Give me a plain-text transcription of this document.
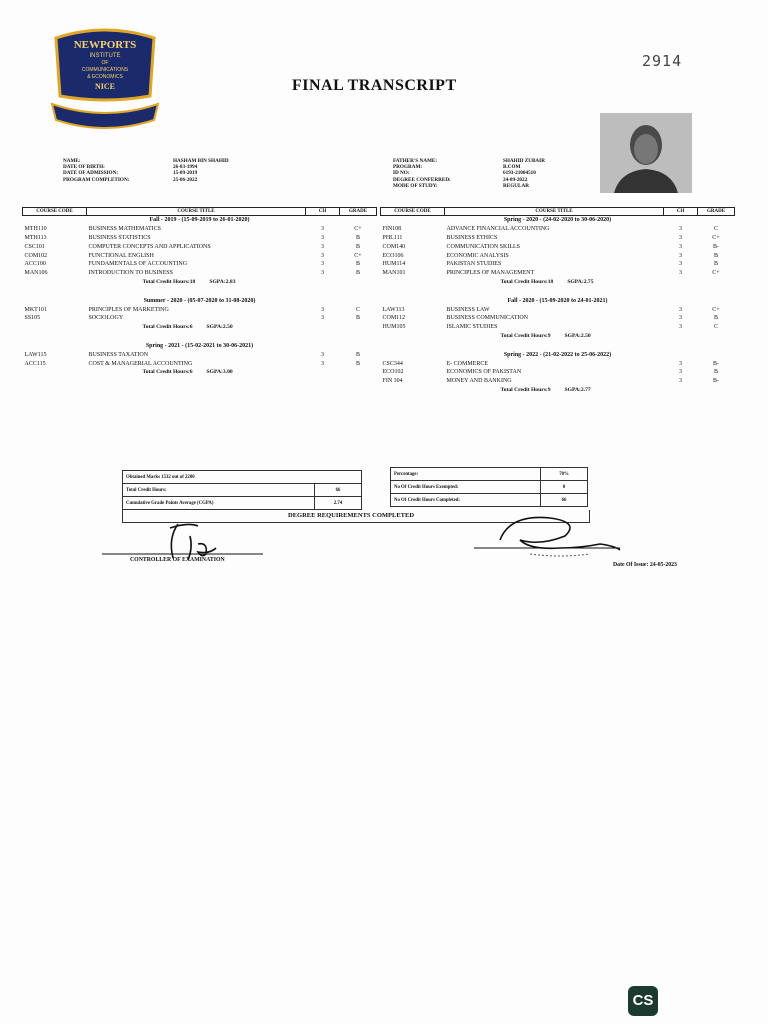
2914
NEWPORTS
INSTITUTE
OF
COMMUNICATIONS
& ECONOMICS
NICE	FINAL TRANSCRIPT
NAME:	HASHAM BIN SHAHID
DATE OF BIRTH:	26-03-1994
DATE OF ADMISSION:	15-09-2019
PROGRAM COMPLETION:	25-06-2022
FATHER'S NAME:	SHAHID ZUBAIR
PROGRAM:	B.COM
ID NO:	6193-21004510
DEGREE CONFERRED:	24-09-2022
MODE OF STUDY:	REGULAR
COURSE CODE	COURSE TITLE	CH	GRADE
Fall - 2019 - (15-09-2019 to 26-01-2020)			
MTH110	BUSINESS MATHEMATICS	3	C+
MTH113	BUSINESS STATISTICS	3	B
CSC101	COMPUTER CONCEPTS AND APPLICATIONS	3	B
COM102	FUNCTIONAL ENGLISH	3	C+
ACC100	FUNDAMENTALS OF ACCOUNTING	3	B
MAN106	INTRODUCTION TO BUSINESS	3	B
Total Credit Hours:18 SGPA:2.83			

Summer - 2020 - (05-07-2020 to 31-08-2020)			
MKT101	PRINCIPLES OF MARKETING	3	C
SS105	SOCIOLOGY	3	B
Total Credit Hours:6 SGPA:2.50			

Spring - 2021 - (15-02-2021 to 30-06-2021)			
LAW115	BUSINESS TAXATION	3	B
ACC115	COST & MANAGERIAL ACCOUNTING	3	B
Total Credit Hours:6 SGPA:3.00			

COURSE CODE	COURSE TITLE	CH	GRADE
Spring - 2020 - (24-02-2020 to 30-06-2020)			
FIN108	ADVANCE FINANCIAL ACCOUNTING	3	C
PHL111	BUSINESS ETHICS	3	C+
COM140	COMMUNICATION SKILLS	3	B-
ECO106	ECONOMIC ANALYSIS	3	B
HUM114	PAKISTAN STUDIES	3	B
MAN101	PRINCIPLES OF MANAGEMENT	3	C+
Total Credit Hours:18 SGPA:2.75			

Fall - 2020 - (15-09-2020 to 24-01-2021)			
LAW113	BUSINESS LAW	3	C+
COM112	BUSINESS COMMUNICATION	3	B
HUM105	ISLAMIC STUDIES	3	C
Total Credit Hours:9 SGPA:2.50			

Spring - 2022 - (21-02-2022 to 25-06-2022)			
CSC344	E- COMMERCE	3	B-
ECO102	ECONOMICS OF PAKISTAN	3	B
FIN 304	MONEY AND BANKING	3	B-
Total Credit Hours:9 SGPA:2.77			

Obtained Marks 1532 out of 2200	
Total Credit Hours:	66
Cumulative Grade Points Average (CGPA)	2.74
Percentage:	70%
No Of Credit Hours Exempted:	0
No Of Credit Hours Completed:	66
DEGREE REQUIREMENTS COMPLETED
CONTROLLER OF EXAMINATION
Date Of Issue: 24-05-2023
CS
